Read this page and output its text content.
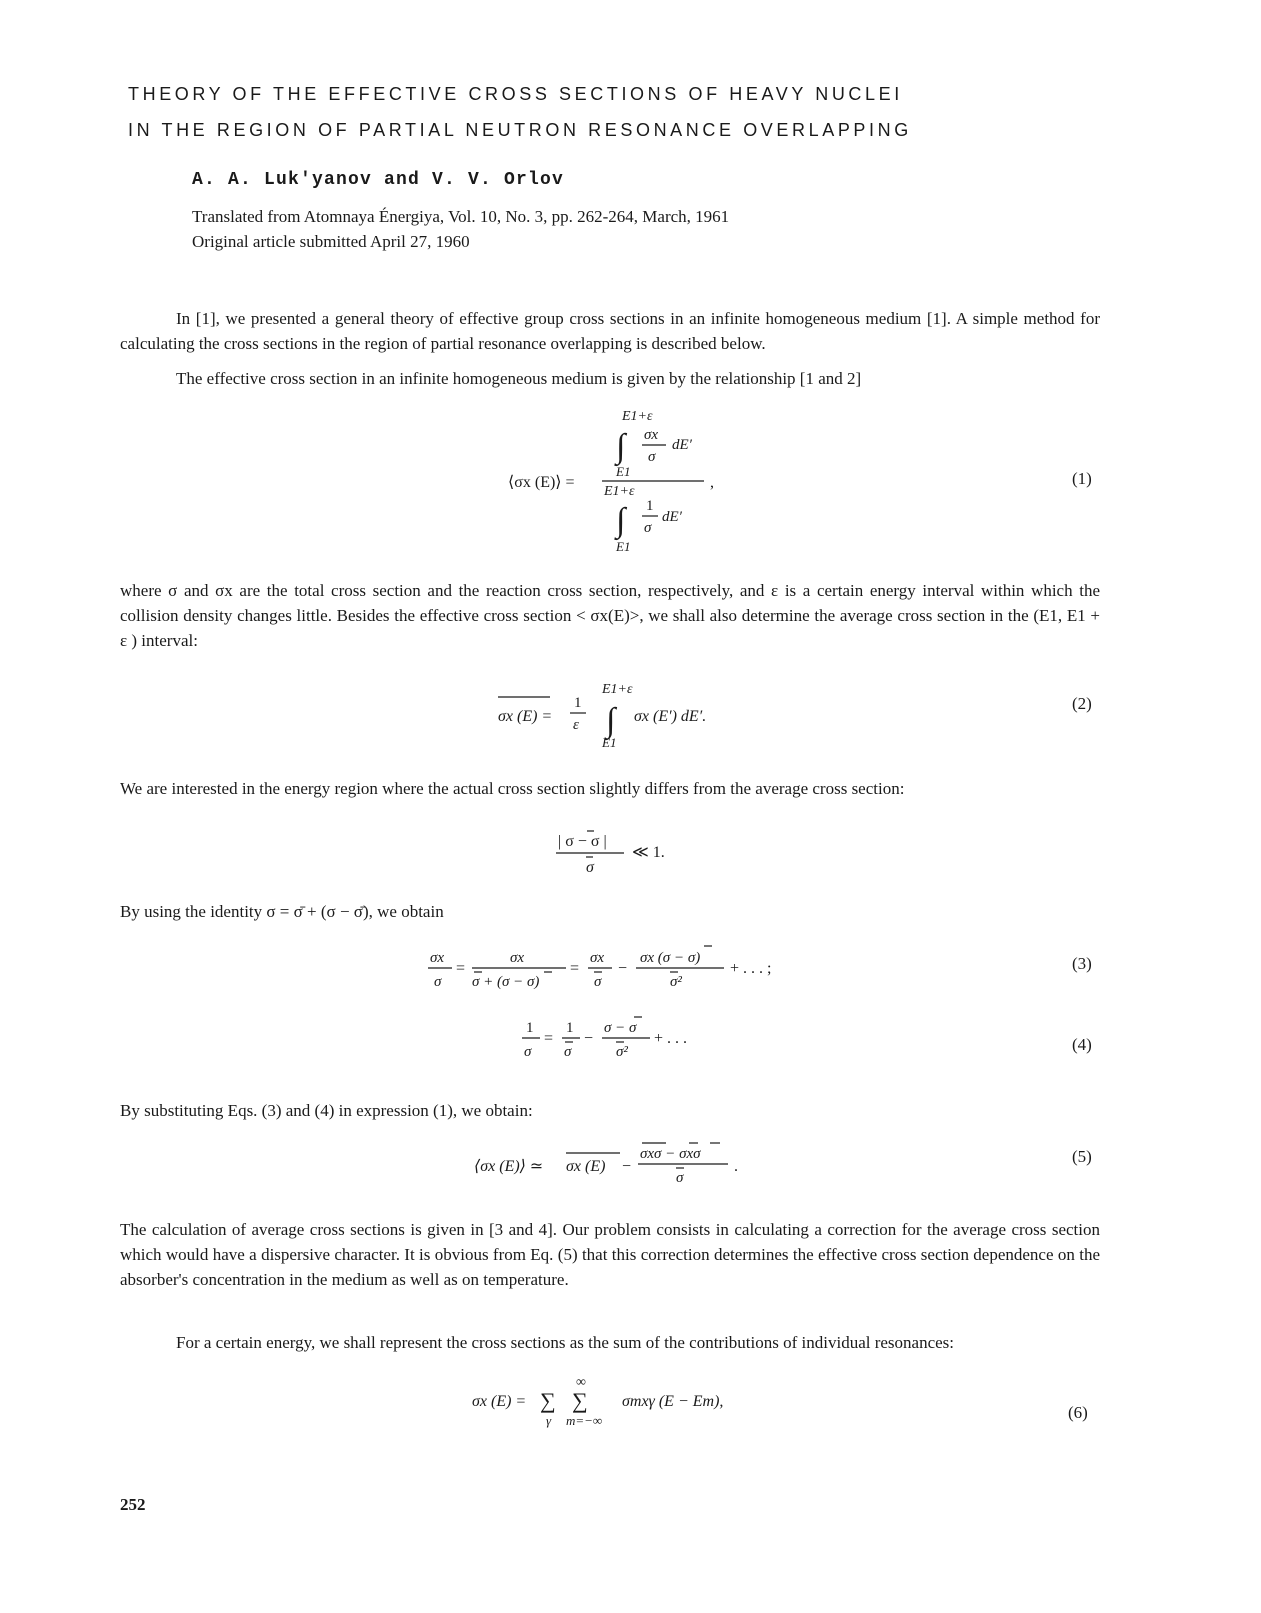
THEORY OF THE EFFECTIVE CROSS SECTIONS OF HEAVY NUCLEI
IN THE REGION OF PARTIAL NEUTRON RESONANCE OVERLAPPING
A. A. Luk'yanov and V. V. Orlov
Translated from Atomnaya Énergiya, Vol. 10, No. 3, pp. 262-264, March, 1961
Original article submitted April 27, 1960
In [1], we presented a general theory of effective group cross sections in an infinite homogeneous medium [1]. A simple method for calculating the cross sections in the region of partial resonance overlapping is described below.
The effective cross section in an infinite homogeneous medium is given by the relationship [1 and 2]
E1+ε
∫ σx
σ
dE′
E1
⟨σx (E)⟩ =	,
E1+ε
∫ 1
σ
dE′
E1
(1)
where σ and σx are the total cross section and the reaction cross section, respectively, and ε is a certain energy interval within which the collision density changes little. Besides the effective cross section < σx(E)>, we shall also determine the average cross section in the (E1, E1 + ε ) interval:
σx (E) =
1
ε
E1+ε
∫
E1
σx (E′) dE′.
(2)
We are interested in the energy region where the actual cross section slightly differs from the average cross section:
| σ − σ |
σ
≪ 1.
By using the identity σ = σ̄ + (σ − σ̄), we obtain
σx
σ
=
σx
σ + (σ − σ)
=
σx
σ
−
σx (σ − σ)
σ²
+ . . . ;	(3)
1
σ
=
1
σ
−
σ − σ
σ²
+ . . .	(4)
By substituting Eqs. (3) and (4) in expression (1), we obtain:
⟨σx (E)⟩ ≃ σx (E) −
σxσ − σxσ
σ
.
(5)
The calculation of average cross sections is given in [3 and 4]. Our problem consists in calculating a correction for the average cross section which would have a dispersive character. It is obvious from Eq. (5) that this correction determines the effective cross section dependence on the absorber's concentration in the medium as well as on temperature.
For a certain energy, we shall represent the cross sections as the sum of the contributions of individual resonances:
σx (E) = ∑
γ
∞
∑
m=−∞
σmxγ (E − Em),
(6)
252
